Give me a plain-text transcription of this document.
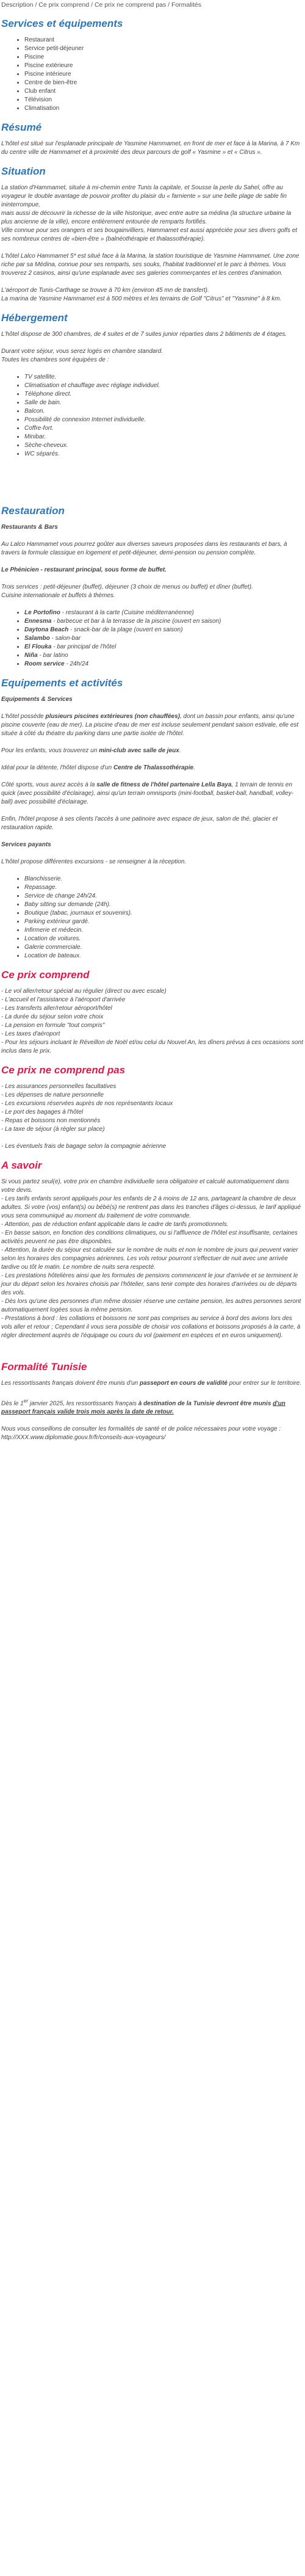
Description / Ce prix comprend / Ce prix ne comprend pas / Formalités
Services et équipements
• Restaurant
• Service petit-déjeuner
• Piscine
• Piscine extérieure
• Piscine intérieure
• Centre de bien-être
• Club enfant
• Télévision
• Climatisation
Résumé

L'hôtel est situé sur l'esplanade principale de Yasmine Hammamet, en front de mer et face à la Marina, à 7 Km du centre ville de Hammamet et à proximité des deux parcours de golf « Yasmine » et « Citrus ».

Situation

La station d'Hammamet, située à mi-chemin entre Tunis la capitale, et Sousse la perle du Sahel, offre au voyageur le double avantage de pouvoir profiter du plaisir du « farniente » sur une belle plage de sable fin ininterrompue,
mais aussi de découvrir la richesse de la ville historique, avec entre autre sa médina (la structure urbaine la plus ancienne de la ville), encore entièrement entourée de remparts fortifiés.
Ville connue pour ses orangers et ses bougainvilliers, Hammamet est aussi appréciée pour ses divers golfs et ses nombreux centres de «bien-être » (balnéothérapie et thalassothérapie).

L'hôtel Lalco Hammamet 5* est situé face à la Marina, la station touristique de Yasmine Hammamet. Une zone riche par sa Médina, connue pour ses remparts, ses souks, l'habitat traditionnel et le parc à thèmes. Vous trouverez 2 casinos, ainsi qu'une esplanade avec ses galeries commerçantes et les centres d'animation.

L'aéroport de Tunis-Carthage se trouve à 70 km (environ 45 mn de transfert).
La marina de Yasmine Hammamet est à 500 mètres et les terrains de Golf "Citrus" et "Yasmine" à 8 km.

Hébergement

L'hôtel dispose de 300 chambres, de 4 suites et de 7 suites junior réparties dans 2 bâtiments de 4 étages.

Durant votre séjour, vous serez logés en chambre standard.
Toutes les chambres sont équipées de :

• TV satellite.
• Climatisation et chauffage avec réglage individuel.
• Téléphone direct.
• Salle de bain.
• Balcon.
• Possibilité de connexion Internet individuelle.
• Coffre-fort.
• Minibar.
• Sèche-cheveux.
• WC séparés.
Restauration

Restaurants & Bars

Au Lalco Hammamet vous pourrez goûter aux diverses saveurs proposées dans les restaurants et bars, à travers la formule classique en logement et petit-déjeuner, demi-pension ou pension complète.

Le Phénicien - restaurant principal, sous forme de buffet.

Trois services : petit-déjeuner (buffet), déjeuner (3 choix de menus ou buffet) et dîner (buffet).
Cuisine internationale et buffets à thèmes.

• Le Portofino - restaurant à la carte (Cuisine méditerranéenne)
• Ennesma - barbecue et bar à la terrasse de la piscine (ouvert en saison)
• Daytona Beach - snack-bar de la plage (ouvert en saison)
• Salambo - salon-bar
• El Flouka - bar principal de l'hôtel
• Niña - bar latino
• Room service - 24h/24
Equipements et activités

Equipements & Services

L'hôtel possède plusieurs piscines extérieures (non chauffées), dont un bassin pour enfants, ainsi qu'une piscine couverte (eau de mer). La piscine d'eau de mer est incluse seulement pendant saison estivale, elle est située à côté du théatre du parking dans une partie isolée de l'hôtel.

Pour les enfants, vous trouverez un mini-club avec salle de jeux.

Idéal pour la détente, l'hôtel dispose d'un Centre de Thalassothérapie.

Côté sports, vous aurez accès à la salle de fitness de l'hôtel partenaire Lella Baya, 1 terrain de tennis en quick (avec possibilité d'éclairage), ainsi qu'un terrain omnisports (mini-football, basket-ball, handball, volley-ball) avec possibilité d'éclairage.

Enfin, l'hôtel propose à ses clients l'accès à une patinoire avec espace de jeux, salon de thé, glacier et restauration rapide.

Services payants

L'hôtel propose différentes excursions - se renseigner à la réception.

• Blanchisserie.
• Repassage.
• Service de change 24h/24.
• Baby sitting sur demande (24h).
• Boutique (tabac, journaux et souvenirs).
• Parking extérieur gardé.
• Infirmerie et médecin.
• Location de voitures.
• Galerie commerciale.
• Location de bateaux.
Ce prix comprend

- Le vol aller/retour spécial au régulier (direct ou avec escale)

- L'accueil et l'assistance à l'aéroport d'arrivée

- Les transferts aller/retour aéroport/hôtel

- La durée du séjour selon votre choix

- La pension en formule "tout compris"

- Les taxes d'aéroport

- Pour les séjours incluant le Réveillon de Noël et/ou celui du Nouvel An, les dîners prévus à ces occasions sont inclus dans le prix.

Ce prix ne comprend pas

- Les assurances personnelles facultatives

- Les dépenses de nature personnelle

- Les excursions réservées auprès de nos représentants locaux

- Le port des bagages à l'hôtel

- Repas et boissons non mentionnés

- La taxe de séjour (à régler sur place)

- Les éventuels frais de bagage selon la compagnie aérienne

A savoir

Si vous partez seul(e), votre prix en chambre individuelle sera obligatoire et calculé automatiquement dans votre devis.

- Les tarifs enfants seront appliqués pour les enfants de 2 à moins de 12 ans, partageant la chambre de deux adultes. Si votre (vos) enfant(s) ou bébé(s) ne rentrent pas dans les tranches d'âges ci-dessus, le tarif appliqué vous sera communiqué au moment du traitement de votre commande.

- Attention, pas de réduction enfant applicable dans le cadre de tarifs promotionnels.

- En basse saison, en fonction des conditions climatiques, ou si l'affluence de l'hôtel est insuffisante, certaines activités peuvent ne pas être disponibles.

- Attention, la durée du séjour est calculée sur le nombre de nuits et non le nombre de jours qui peuvent varier selon les horaires des compagnies aériennes. Les vols retour pourront s'effectuer de nuit avec une arrivée tardive ou tôt le matin. Le nombre de nuits sera respecté.

- Les prestations hôtelières ainsi que les formules de pensions commencent le jour d'arrivée et se terminent le jour du départ selon les horaires choisis par l'hôtelier, sans tenir compte des horaires d'arrivées ou de départs des vols.

- Dès lors qu'une des personnes d'un même dossier réserve une certaine pension, les autres personnes seront automatiquement logées sous la même pension.

- Prestations à bord : les collations et boissons ne sont pas comprises au service à bord des avions lors des vols aller et retour ; Cependant il vous sera possible de choisir vos collations et boissons proposés à la carte, à régler directement auprès de l'équipage ou cours du vol (paiement en espèces et en euros uniquement).

Formalité Tunisie

Les ressortissants français doivent être munis d'un passeport en cours de validité pour entrer sur le territoire.

Dès le 1er janvier 2025, les ressortissants français à destination de la Tunisie devront être munis d'un passeport français valide trois mois après la date de retour.

Nous vous conseillons de consulter les formalités de santé et de police nécessaires pour votre voyage : http://XXX.www.diplomatie.gouv.fr/fr/conseils-aux-voyageurs/
